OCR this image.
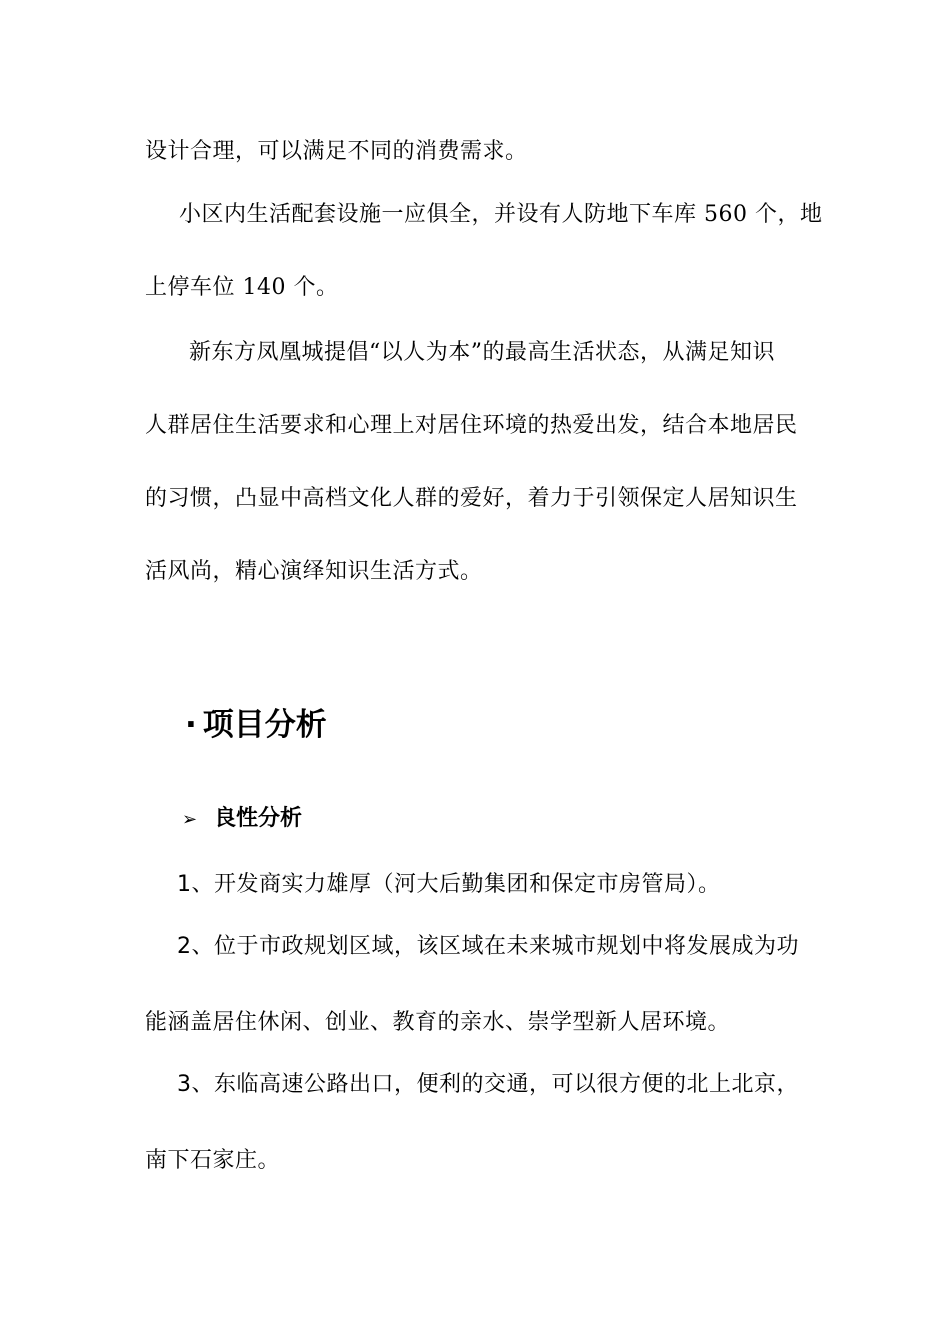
设计合理，可以满足不同的消费需求。
小区内生活配套设施一应俱全，并设有人防地下车库 560 个，地
上停车位 140 个。
新东方凤凰城提倡“以人为本”的最高生活状态，从满足知识
人群居住生活要求和心理上对居住环境的热爱出发，结合本地居民
的习惯，凸显中高档文化人群的爱好，着力于引领保定人居知识生
活风尚，精心演绎知识生活方式。
· 项目分析
➢ 良性分析
1、开发商实力雄厚（河大后勤集团和保定市房管局）。
2、位于市政规划区域，该区域在未来城市规划中将发展成为功
能涵盖居住休闲、创业、教育的亲水、崇学型新人居环境。
3、东临高速公路出口，便利的交通，可以很方便的北上北京，
南下石家庄。
